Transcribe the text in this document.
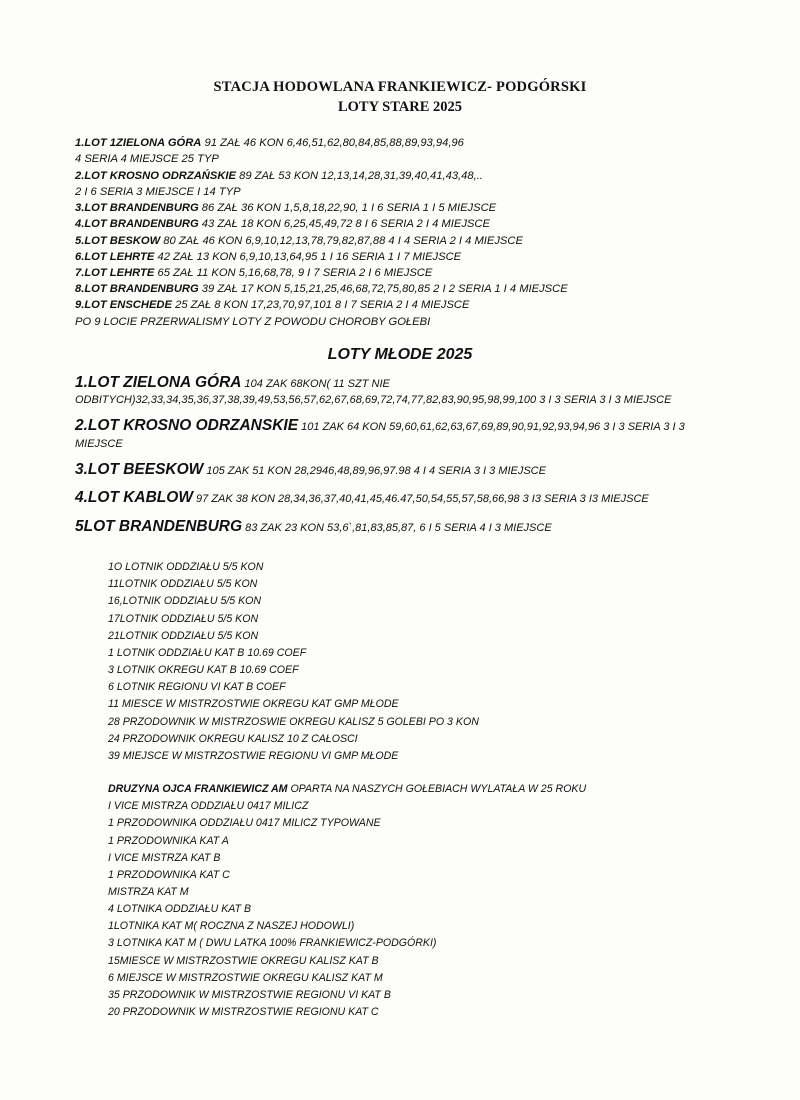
STACJA HODOWLANA FRANKIEWICZ- PODGÓRSKI
LOTY STARE 2025
1.LOT 1ZIELONA GÓRA 91 ZAŁ 46 KON 6,46,51,62,80,84,85,88,89,93,94,96
4 SERIA 4 MIEJSCE 25 TYP
2.LOT KROSNO ODRZAŃSKIE 89 ZAŁ 53 KON 12,13,14,28,31,39,40,41,43,48,..
2 I 6 SERIA 3 MIEJSCE I 14 TYP
3.LOT BRANDENBURG 86 ZAŁ 36 KON 1,5,8,18,22,90, 1 I 6 SERIA 1 I 5 MIEJSCE
4.LOT BRANDENBURG 43 ZAŁ 18 KON 6,25,45,49,72 8 I 6 SERIA 2 I 4 MIEJSCE
5.LOT BESKOW 80 ZAŁ 46 KON 6,9,10,12,13,78,79,82,87,88 4 I 4 SERIA 2 I 4 MIEJSCE
6.LOT LEHRTE 42 ZAŁ 13 KON 6,9,10,13,64,95 1 I 16 SERIA 1 I 7 MIEJSCE
7.LOT LEHRTE 65 ZAŁ 11 KON 5,16,68,78, 9 I 7 SERIA 2 I 6 MIEJSCE
8.LOT BRANDENBURG 39 ZAŁ 17 KON 5,15,21,25,46,68,72,75,80,85 2 I 2 SERIA 1 I 4 MIEJSCE
9.LOT ENSCHEDE 25 ZAŁ 8 KON 17,23,70,97,101 8 I 7 SERIA 2 I 4 MIEJSCE
PO 9 LOCIE PRZERWALISMY LOTY Z POWODU CHOROBY GOŁEBI
LOTY MŁODE 2025
1.LOT ZIELONA GÓRA 104 ZAK 68KON( 11 SZT NIE ODBITYCH)32,33,34,35,36,37,38,39,49,53,56,57,62,67,68,69,72,74,77,82,83,90,95,98,99,100 3 I 3 SERIA 3 I 3 MIEJSCE
2.LOT KROSNO ODRZANSKIE 101 ZAK 64 KON 59,60,61,62,63,67,69,89,90,91,92,93,94,96 3 I 3 SERIA 3 I 3 MIEJSCE
3.LOT BEESKOW 105 ZAK 51 KON 28,2946,48,89,96,97.98 4 I 4 SERIA 3 I 3 MIEJSCE
4.LOT KABLOW 97 ZAK 38 KON 28,34,36,37,40,41,45,46.47,50,54,55,57,58,66,98 3 I3 SERIA 3 I3 MIEJSCE
5LOT BRANDENBURG 83 ZAK 23 KON 53,6`,81,83,85,87, 6 I 5 SERIA 4 I 3 MIEJSCE
1O LOTNIK ODDZIAŁU 5/5 KON
11LOTNIK ODDZIAŁU 5/5 KON
16,LOTNIK ODDZIAŁU 5/5 KON
17LOTNIK ODDZIAŁU 5/5 KON
21LOTNIK ODDZIAŁU 5/5 KON
1 LOTNIK ODDZIAŁU KAT B 10.69 COEF
3 LOTNIK OKREGU KAT B 10.69 COEF
6 LOTNIK REGIONU VI KAT B COEF
11 MIESCE W MISTRZOSTWIE OKREGU KAT GMP MŁODE
28 PRZODOWNIK W MISTRZOSWIE OKREGU KALISZ 5 GOLEBI PO 3 KON
24 PRZODOWNIK OKREGU KALISZ 10 Z CAŁOSCI
39 MIEJSCE W MISTRZOSTWIE REGIONU VI GMP MŁODE
DRUZYNA OJCA FRANKIEWICZ AM OPARTA NA NASZYCH GOŁEBIACH WYLATAŁA W 25 ROKU
I VICE MISTRZA ODDZIAŁU 0417 MILICZ
1 PRZODOWNIKA ODDZIAŁU 0417 MILICZ TYPOWANE
1 PRZODOWNIKA KAT A
I VICE MISTRZA KAT B
1 PRZODOWNIKA KAT C
MISTRZA KAT M
4 LOTNIKA ODDZIAŁU KAT B
1LOTNIKA KAT M( ROCZNA Z NASZEJ HODOWLI)
3 LOTNIKA KAT M ( DWU LATKA 100% FRANKIEWICZ-PODGÓRKI)
15MIESCE W MISTRZOSTWIE OKREGU KALISZ KAT B
6 MIEJSCE W MISTRZOSTWIE OKREGU KALISZ KAT M
35 PRZODOWNIK W MISTRZOSTWIE REGIONU VI KAT B
20 PRZODOWNIK W MISTRZOSTWIE REGIONU KAT C
